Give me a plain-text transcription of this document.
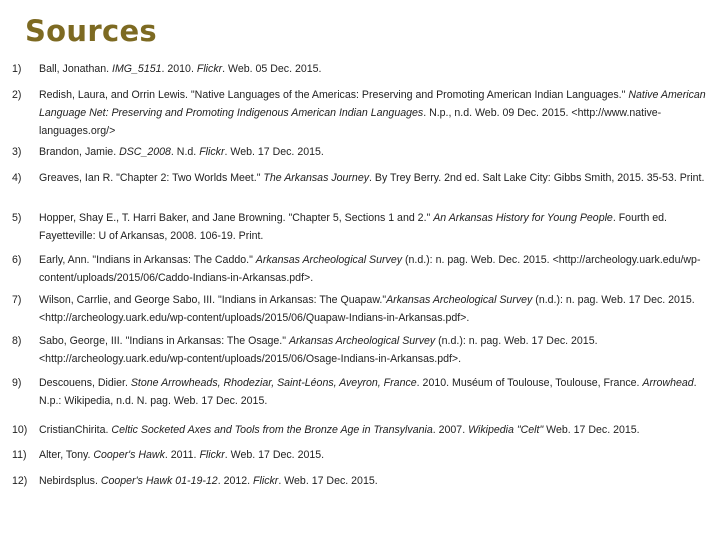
Sources
1)	Ball, Jonathan. IMG_5151. 2010. Flickr. Web. 05 Dec. 2015.
2)	Redish, Laura, and Orrin Lewis. "Native Languages of the Americas: Preserving and Promoting American Indian Languages." Native American Language Net: Preserving and Promoting Indigenous American Indian Languages. N.p., n.d. Web. 09 Dec. 2015. <http://www.native-languages.org/>
3)	Brandon, Jamie. DSC_2008. N.d. Flickr. Web. 17 Dec. 2015.
4)	Greaves, Ian R. "Chapter 2: Two Worlds Meet." The Arkansas Journey. By Trey Berry. 2nd ed. Salt Lake City: Gibbs Smith, 2015. 35-53. Print.
5)	Hopper, Shay E., T. Harri Baker, and Jane Browning. "Chapter 5, Sections 1 and 2." An Arkansas History for Young People. Fourth ed. Fayetteville: U of Arkansas, 2008. 106-19. Print.
6)	Early, Ann. "Indians in Arkansas: The Caddo." Arkansas Archeological Survey (n.d.): n. pag. Web. Dec. 2015. <http://archeology.uark.edu/wp-content/uploads/2015/06/Caddo-Indians-in-Arkansas.pdf>.
7)	Wilson, Carrlie, and George Sabo, III. "Indians in Arkansas: The Quapaw."Arkansas Archeological Survey (n.d.): n. pag. Web. 17 Dec. 2015. <http://archeology.uark.edu/wp-content/uploads/2015/06/Quapaw-Indians-in-Arkansas.pdf>.
8)	Sabo, George, III. "Indians in Arkansas: The Osage." Arkansas Archeological Survey (n.d.): n. pag. Web. 17 Dec. 2015. <http://archeology.uark.edu/wp-content/uploads/2015/06/Osage-Indians-in-Arkansas.pdf>.
9)	Descouens, Didier. Stone Arrowheads, Rhodeziar, Saint-Léons, Aveyron, France. 2010. Muséum of Toulouse, Toulouse, France. Arrowhead. N.p.: Wikipedia, n.d. N. pag. Web. 17 Dec. 2015.
10)	CristianChirita. Celtic Socketed Axes and Tools from the Bronze Age in Transylvania. 2007. Wikipedia "Celt" Web. 17 Dec. 2015.
11)	Alter, Tony. Cooper's Hawk. 2011. Flickr. Web. 17 Dec. 2015.
12)	Nebirdsplus. Cooper's Hawk 01-19-12. 2012. Flickr. Web. 17 Dec. 2015.
